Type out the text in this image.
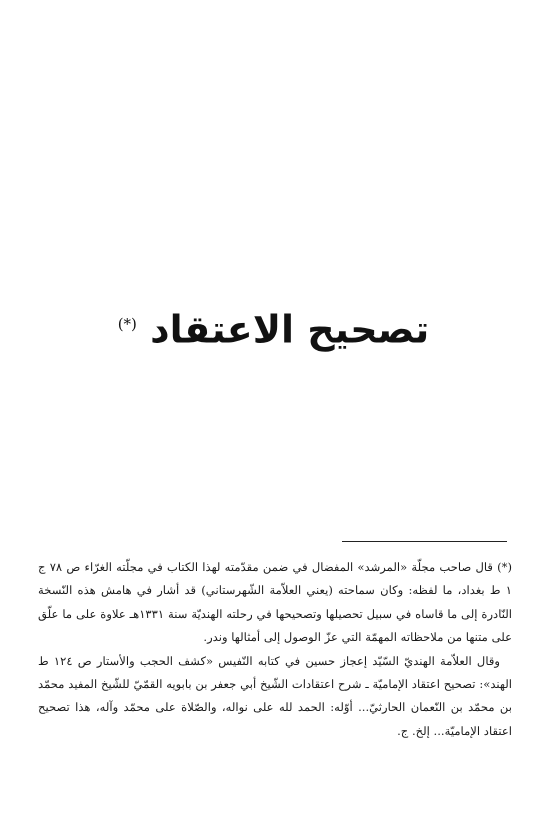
تصحيح الاعتقاد (*)

(*) قال صاحب مجلّة «المرشد» المفضال في ضمن مقدّمته لهذا الكتاب في مجلّته الغرّاء ص ٧٨ ج ١ ط بغداد، ما لفظه: وكان سماحته (يعني العلاّمة الشّهرستاني) قد أشار في هامش هذه النّسخة النّادرة إلى ما قاساه في سبيل تحصيلها وتصحيحها في رحلته الهنديّة سنة ١٣٣١هـ علاوة على ما علّق على متنها من ملاحظاته المهمّة التي عزّ الوصول إلى أمثالها وندر.

وقال العلاّمة الهنديّ السّيّد إعجاز حسين في كتابه النّفيس «كشف الحجب والأستار ص ١٢٤ ط الهند»: تصحيح اعتقاد الإماميّة ـ شرح اعتقادات الشّيخ أبي جعفر بن بابويه القمّيّ للشّيخ المفيد محمّد بن محمّد بن النّعمان الحارثيّ... أوّله: الحمد لله على نواله، والصّلاة على محمّد وآله، هذا تصحيح اعتقاد الإماميّة... إلخ. ج.
